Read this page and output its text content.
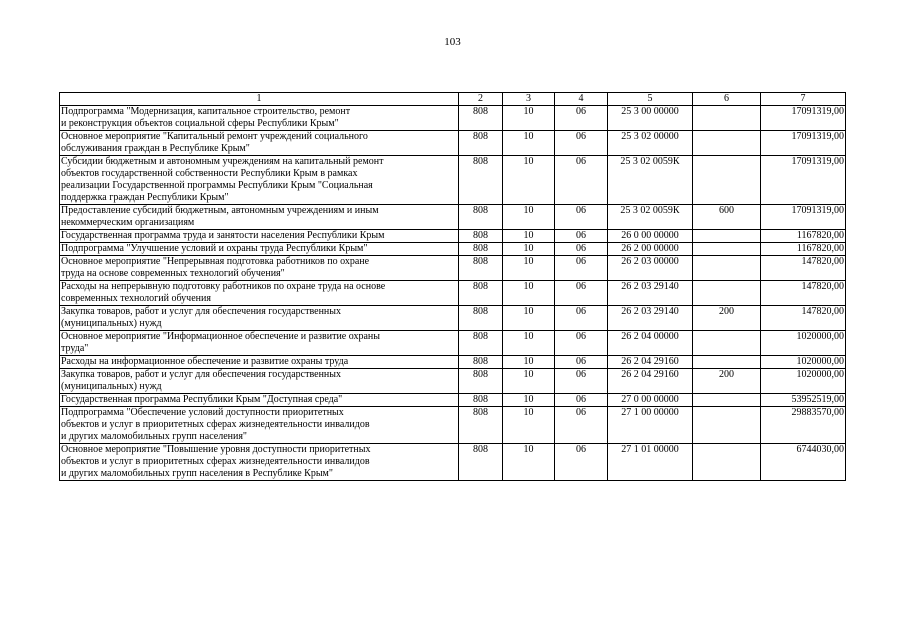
103
1	2	3	4	5	6	7

Подпрограмма "Модернизация, капитальное строительство, ремонт
и реконструкция объектов социальной сферы Республики Крым"	808	10	06	25 3 00 00000		17091319,00

Основное мероприятие "Капитальный ремонт учреждений социального
обслуживания граждан в Республике Крым"	808	10	06	25 3 02 00000		17091319,00

Субсидии бюджетным и автономным учреждениям на капитальный ремонт
объектов государственной собственности Республики Крым в рамках
реализации Государственной программы Республики Крым "Социальная
поддержка граждан Республики Крым"	808	10	06	25 3 02 0059К		17091319,00

Предоставление субсидий бюджетным, автономным учреждениям и иным
некоммерческим организациям	808	10	06	25 3 02 0059К	600	17091319,00

Государственная программа труда и занятости населения Республики Крым	808	10	06	26 0 00 00000		1167820,00

Подпрограмма "Улучшение условий и охраны труда Республики Крым"	808	10	06	26 2 00 00000		1167820,00

Основное мероприятие "Непрерывная подготовка работников по охране
труда на основе современных технологий обучения"	808	10	06	26 2 03 00000		147820,00

Расходы на непрерывную подготовку работников по охране труда на основе
современных технологий обучения	808	10	06	26 2 03 29140		147820,00

Закупка товаров, работ и услуг для обеспечения государственных
(муниципальных) нужд	808	10	06	26 2 03 29140	200	147820,00

Основное мероприятие "Информационное обеспечение и развитие охраны
труда"	808	10	06	26 2 04 00000		1020000,00

Расходы на информационное обеспечение и развитие охраны труда	808	10	06	26 2 04 29160		1020000,00

Закупка товаров, работ и услуг для обеспечения государственных
(муниципальных) нужд	808	10	06	26 2 04 29160	200	1020000,00

Государственная программа Республики Крым "Доступная среда"	808	10	06	27 0 00 00000		53952519,00

Подпрограмма "Обеспечение условий доступности приоритетных
объектов и услуг в приоритетных сферах жизнедеятельности инвалидов
и других маломобильных групп населения"	808	10	06	27 1 00 00000		29883570,00

Основное мероприятие "Повышение уровня доступности приоритетных
объектов и услуг в приоритетных сферах жизнедеятельности инвалидов
и других маломобильных групп населения в Республике Крым"	808	10	06	27 1 01 00000		6744030,00
